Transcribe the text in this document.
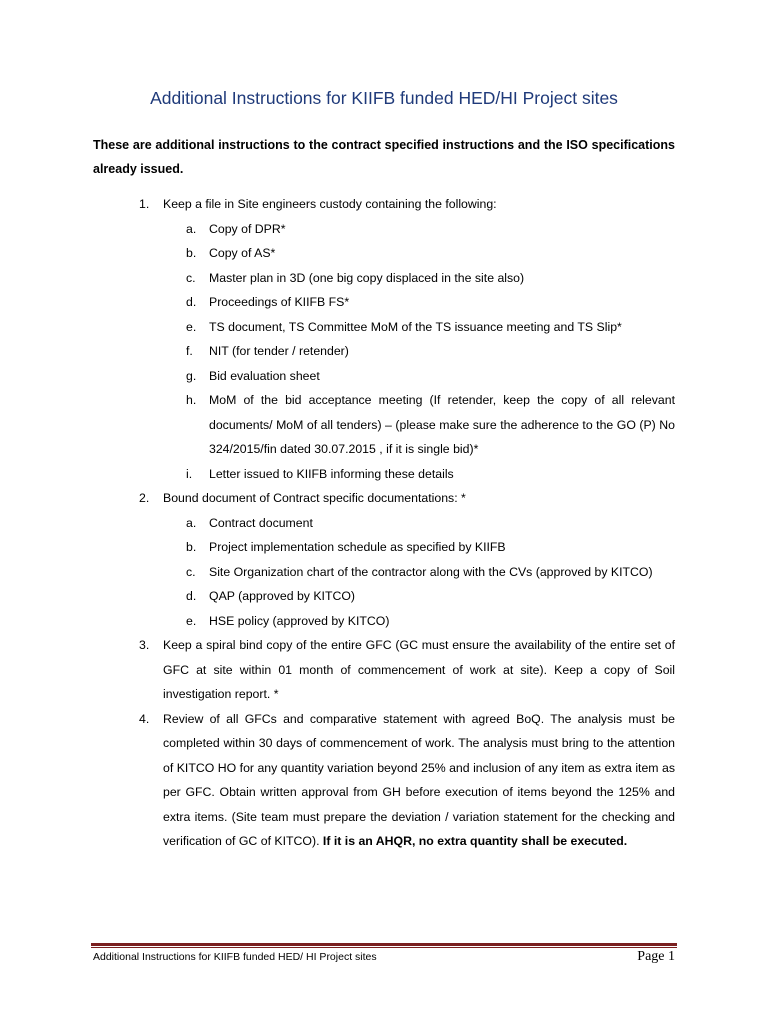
Additional Instructions for KIIFB funded HED/HI Project sites
These are additional instructions to the contract specified instructions and the ISO specifications already issued.
1. Keep a file in Site engineers custody containing the following:
a. Copy of DPR*
b. Copy of AS*
c. Master plan in 3D (one big copy displaced in the site also)
d. Proceedings of KIIFB FS*
e. TS document, TS Committee MoM of the TS issuance meeting and TS Slip*
f. NIT (for tender / retender)
g. Bid evaluation sheet
h. MoM of the bid acceptance meeting (If retender, keep the copy of all relevant documents/ MoM of all tenders) – (please make sure the adherence to the GO (P) No 324/2015/fin dated 30.07.2015 , if it is single bid)*
i. Letter issued to KIIFB informing these details
2. Bound document of Contract specific documentations: *
a. Contract document
b. Project implementation schedule as specified by KIIFB
c. Site Organization chart of the contractor along with the CVs (approved by KITCO)
d. QAP (approved by KITCO)
e. HSE policy (approved by KITCO)
3. Keep a spiral bind copy of the entire GFC (GC must ensure the availability of the entire set of GFC at site within 01 month of commencement of work at site). Keep a copy of Soil investigation report. *
4. Review of all GFCs and comparative statement with agreed BoQ. The analysis must be completed within 30 days of commencement of work. The analysis must bring to the attention of KITCO HO for any quantity variation beyond 25% and inclusion of any item as extra item as per GFC. Obtain written approval from GH before execution of items beyond the 125% and extra items. (Site team must prepare the deviation / variation statement for the checking and verification of GC of KITCO). If it is an AHQR, no extra quantity shall be executed.
Additional Instructions for KIIFB funded HED/ HI Project sites	Page 1
